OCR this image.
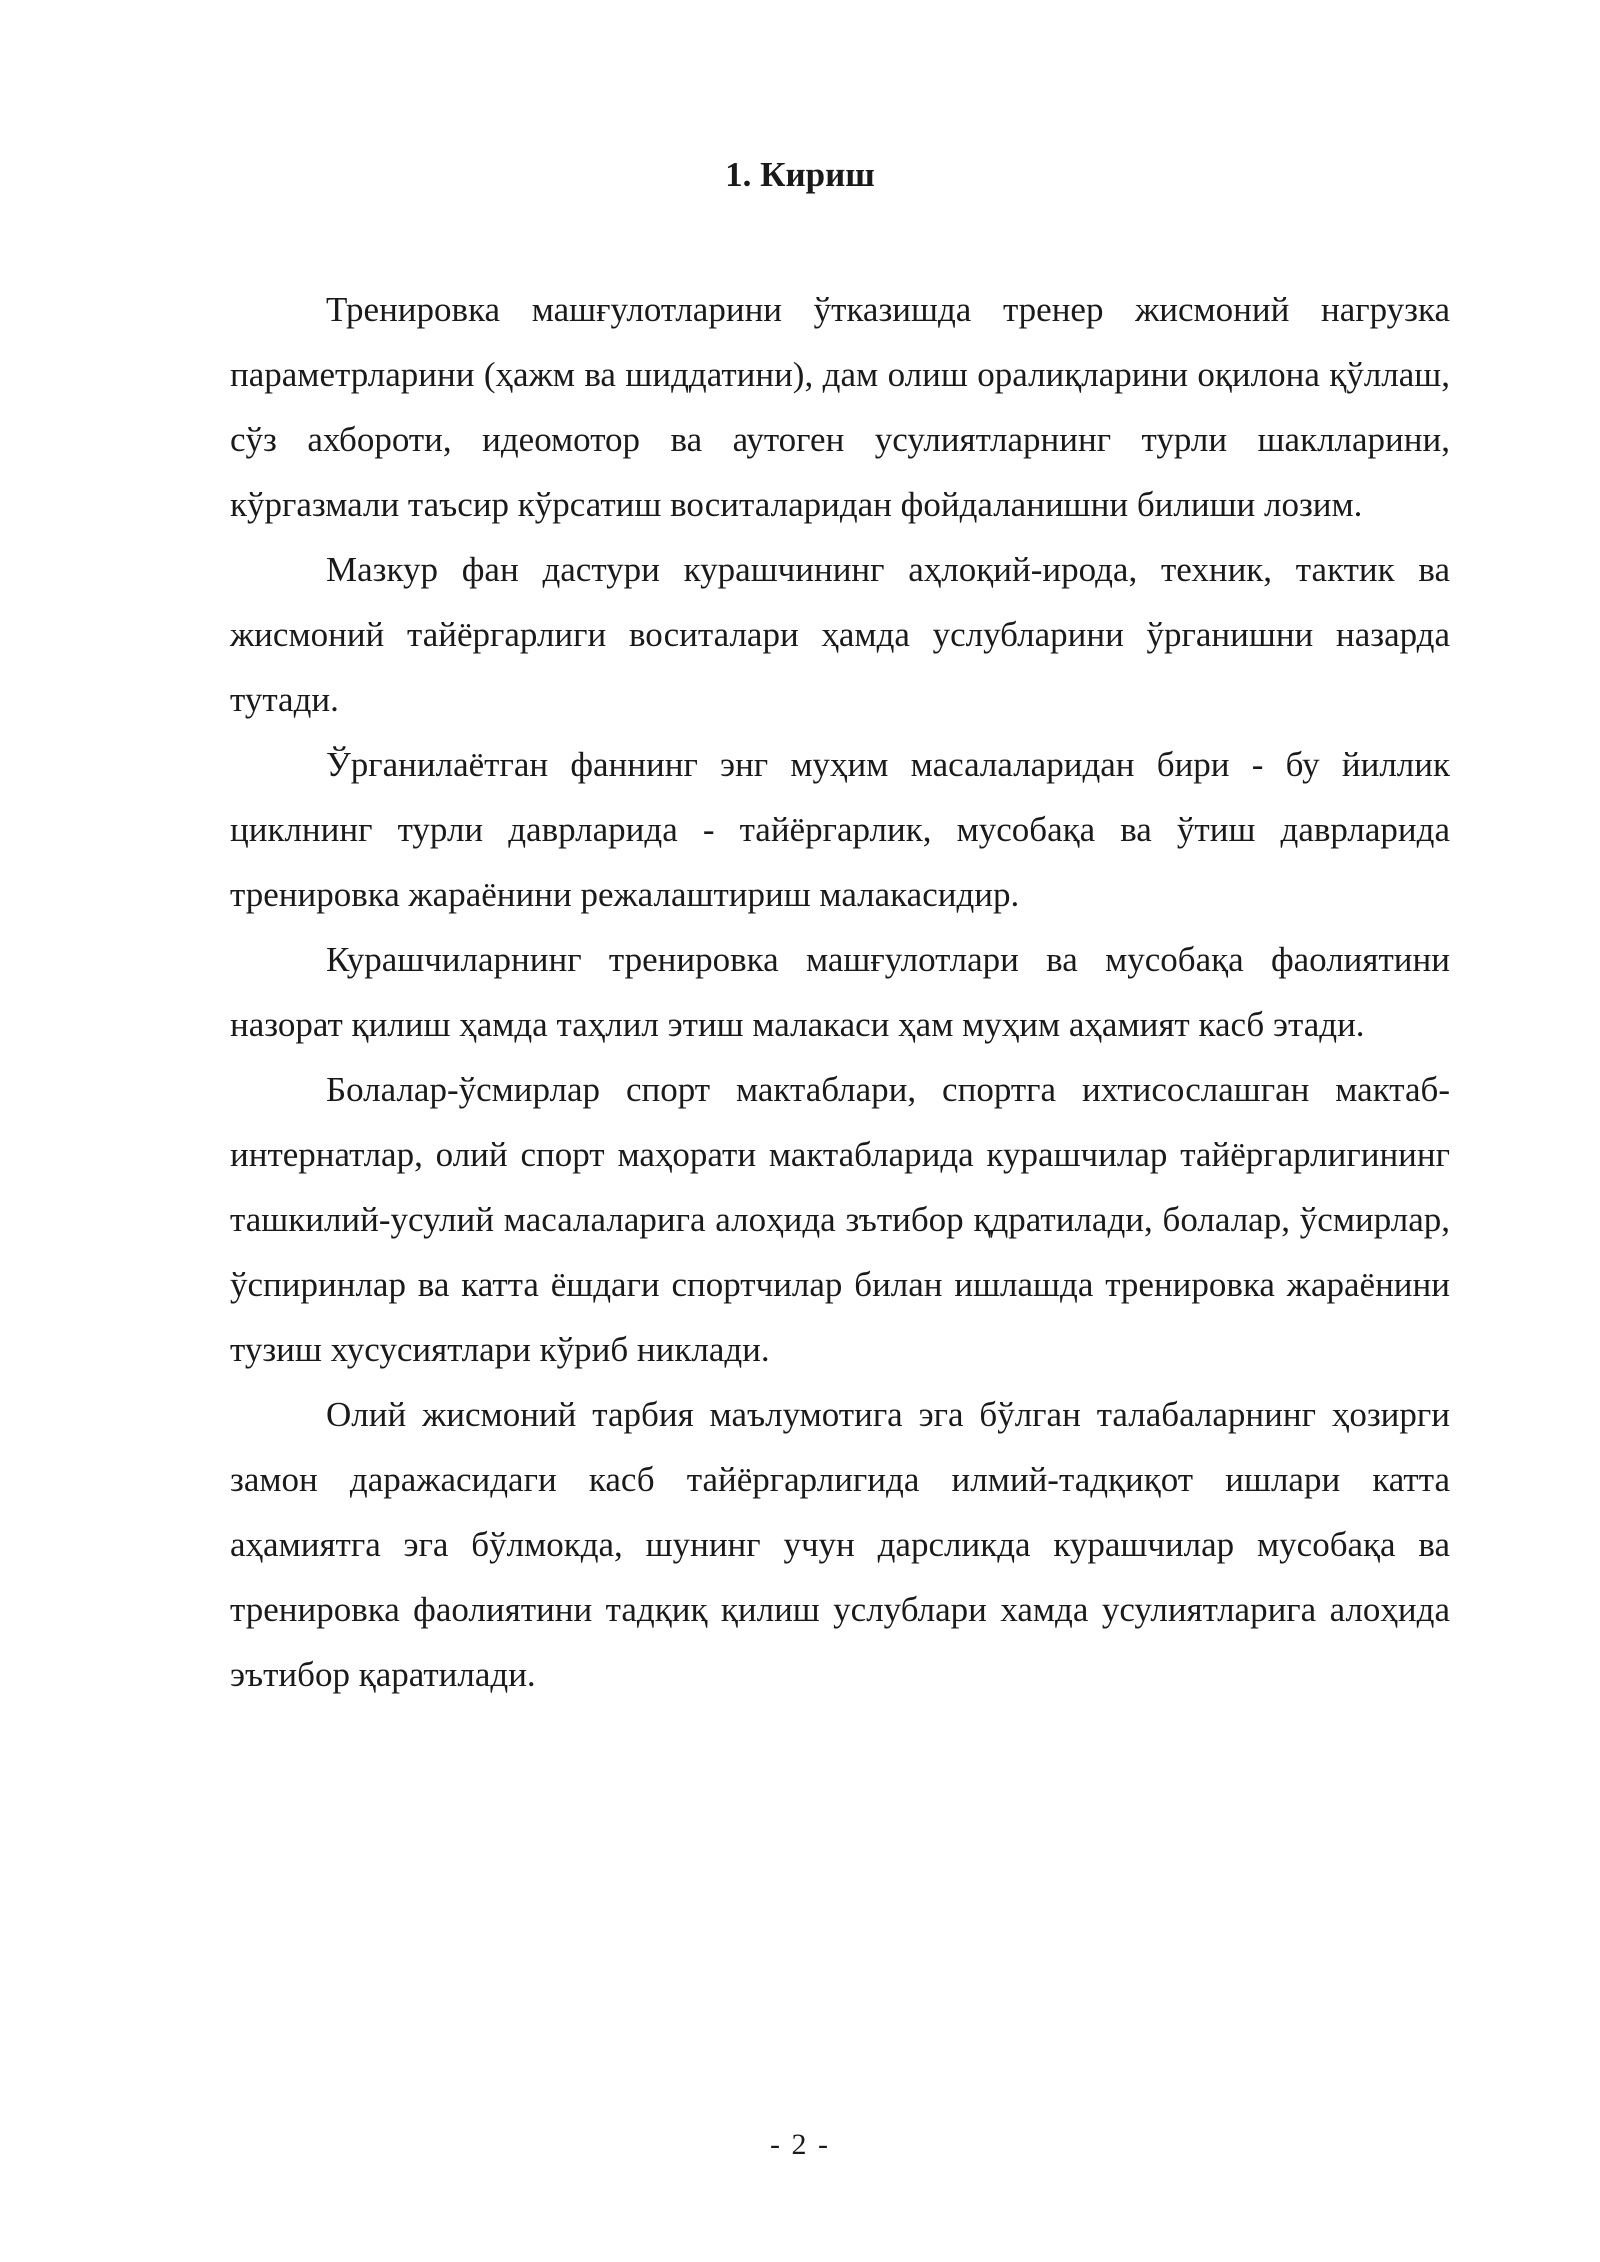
1. Кириш

Тренировка машғулотларини ўтказишда тренер жисмоний нагрузка параметрларини (ҳажм ва шиддатини), дам олиш оралиқларини оқилона қўллаш, сўз ахбороти, идеомотор ва аутоген усулиятларнинг турли шаклларини, кўргазмали таъсир кўрсатиш воситаларидан фойдаланишни билиши лозим.

Мазкур фан дастури курашчининг аҳлоқий-ирода, техник, тактик ва жисмоний тайёргарлиги воситалари ҳамда услубларини ўрганишни назарда тутади.

Ўрганилаётган фаннинг энг муҳим масалаларидан бири - бу йиллик циклнинг турли даврларида - тайёргарлик, мусобақа ва ўтиш даврларида тренировка жараёнини режалаштириш малакасидир.

Курашчиларнинг тренировка машғулотлари ва мусобақа фаолиятини назорат қилиш ҳамда таҳлил этиш малакаси ҳам муҳим аҳамият касб этади.

Болалар-ўсмирлар спорт мактаблари, спортга ихтисослашган мактаб-интернатлар, олий спорт маҳорати мактабларида курашчилар тайёргарлигининг ташкилий-усулий масалаларига алоҳида зътибор қдратилади, болалар, ўсмирлар, ўспиринлар ва катта ёшдаги спортчилар билан ишлашда тренировка жараёнини тузиш хусусиятлари кўриб никлади.

Олий жисмоний тарбия маълумотига эга бўлган талабаларнинг ҳозирги замон даражасидаги касб тайёргарлигида илмий-тадқиқот ишлари катта аҳамиятга эга бўлмокда, шунинг учун дарсликда курашчилар мусобақа ва тренировка фаолиятини тадқиқ қилиш услублари хамда усулиятларига алоҳида эътибор қаратилади.

- 2 -
